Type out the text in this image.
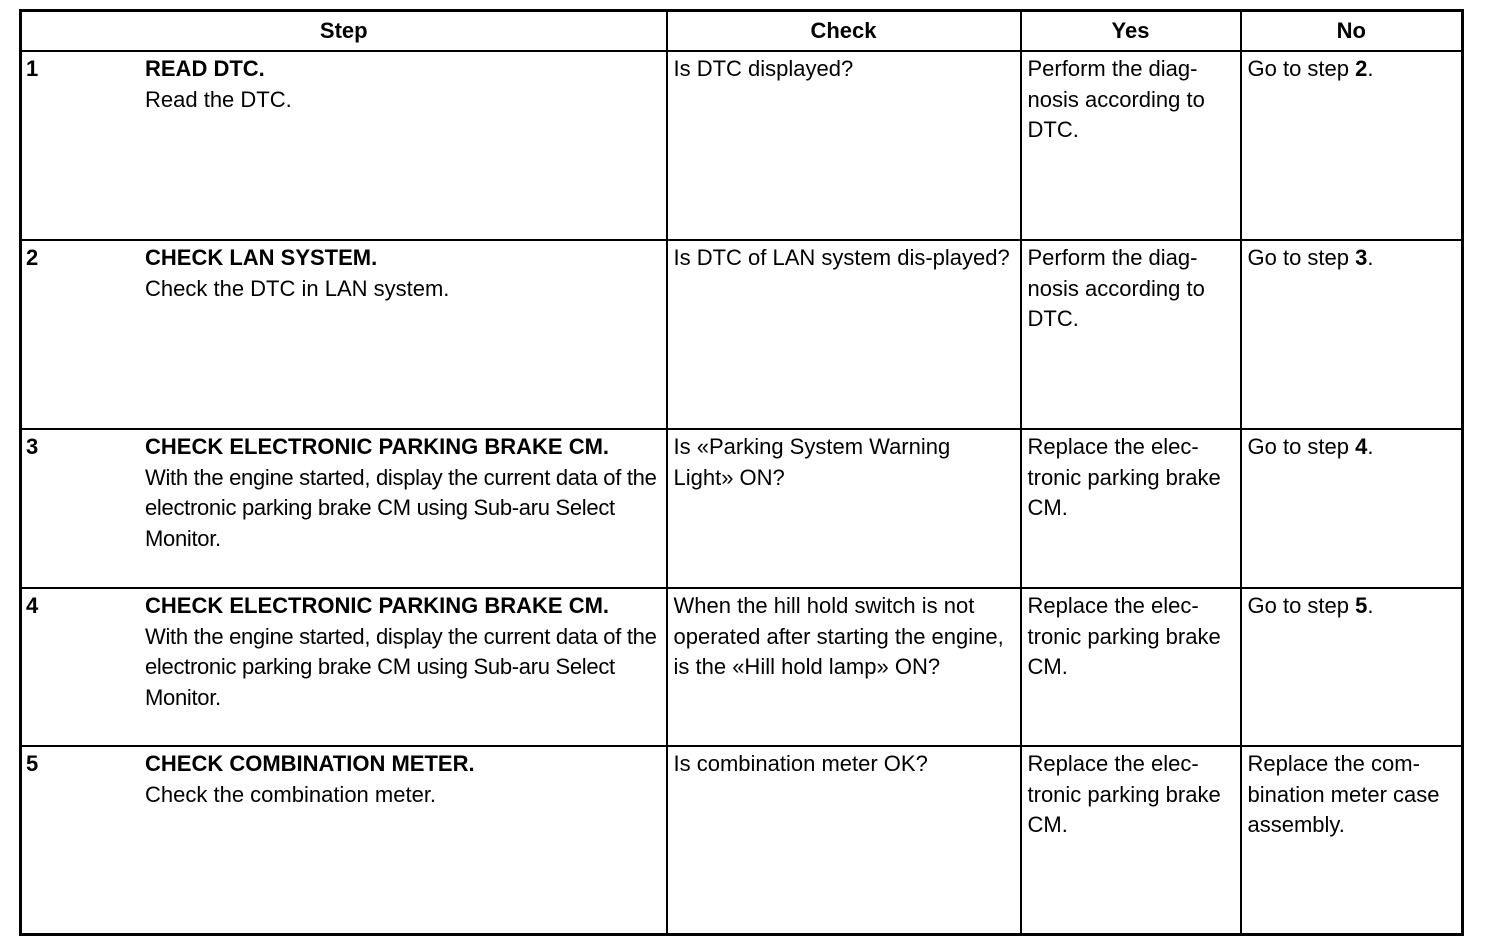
Step	Check	Yes	No

1 READ DTC.
Read the DTC.	Is DTC displayed?	Perform the diag-nosis according to DTC.	Go to step 2.

2 CHECK LAN SYSTEM.
Check the DTC in LAN system.	Is DTC of LAN system dis-played?	Perform the diag-nosis according to DTC.	Go to step 3.

3 CHECK ELECTRONIC PARKING BRAKE CM.
With the engine started, display the current data of the electronic parking brake CM using Sub-aru Select Monitor.	Is «Parking System Warning Light» ON?	Replace the elec-tronic parking brake CM.	Go to step 4.

4 CHECK ELECTRONIC PARKING BRAKE CM.
With the engine started, display the current data of the electronic parking brake CM using Sub-aru Select Monitor.	When the hill hold switch is not operated after starting the engine, is the «Hill hold lamp» ON?	Replace the elec-tronic parking brake CM.	Go to step 5.

5 CHECK COMBINATION METER.
Check the combination meter.	Is combination meter OK?	Replace the elec-tronic parking brake CM.	Replace the com-bination meter case assembly.
